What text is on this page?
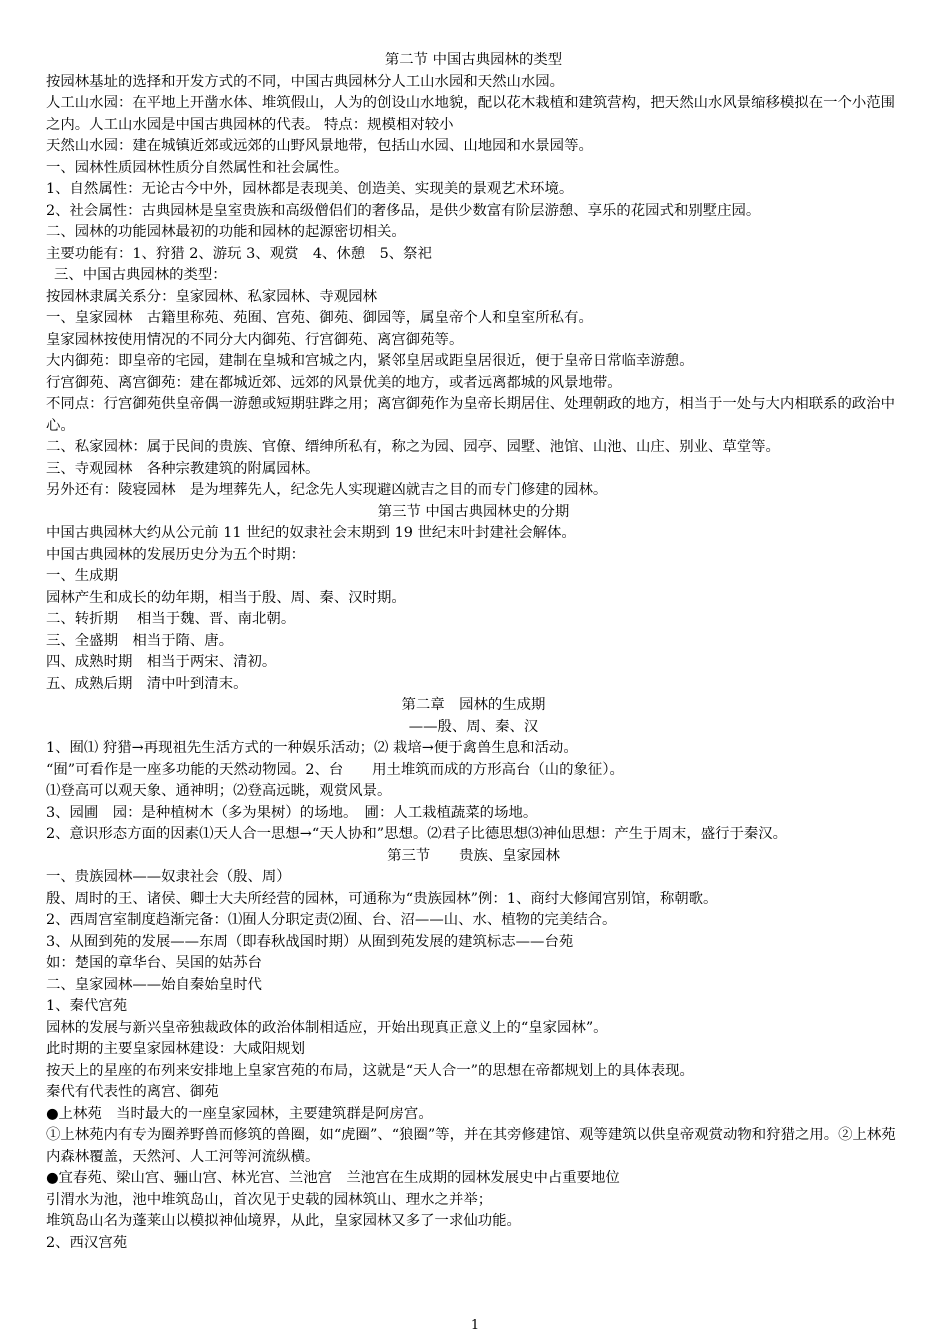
第二节 中国古典园林的类型
按园林基址的选择和开发方式的不同，中国古典园林分人工山水园和天然山水园。
人工山水园：在平地上开凿水体、堆筑假山，人为的创设山水地貌，配以花木栽植和建筑营构，把天然山水风景缩移模拟在一个小范围之内。人工山水园是中国古典园林的代表。 特点：规模相对较小
天然山水园：建在城镇近郊或远郊的山野风景地带，包括山水园、山地园和水景园等。
一、园林性质园林性质分自然属性和社会属性。
1、自然属性：无论古今中外，园林都是表现美、创造美、实现美的景观艺术环境。
2、社会属性：古典园林是皇室贵族和高级僧侣们的奢侈品，是供少数富有阶层游憩、享乐的花园式和别墅庄园。
二、园林的功能园林最初的功能和园林的起源密切相关。
主要功能有：1、狩猎 2、游玩 3、观赏　4、休憩　5、祭祀
三、中国古典园林的类型：
按园林隶属关系分：皇家园林、私家园林、寺观园林
一、皇家园林　古籍里称苑、苑囿、宫苑、御苑、御园等，属皇帝个人和皇室所私有。
皇家园林按使用情况的不同分大内御苑、行宫御苑、离宫御苑等。
大内御苑：即皇帝的宅园，建制在皇城和宫城之内，紧邻皇居或距皇居很近，便于皇帝日常临幸游憩。
行宫御苑、离宫御苑：建在都城近郊、远郊的风景优美的地方，或者远离都城的风景地带。
不同点：行宫御苑供皇帝偶一游憩或短期驻跸之用；离宫御苑作为皇帝长期居住、处理朝政的地方，相当于一处与大内相联系的政治中心。
二、私家园林：属于民间的贵族、官僚、缙绅所私有，称之为园、园亭、园墅、池馆、山池、山庄、别业、草堂等。
三、寺观园林　各种宗教建筑的附属园林。
另外还有：陵寝园林　是为埋葬先人，纪念先人实现避凶就吉之目的而专门修建的园林。
第三节 中国古典园林史的分期
中国古典园林大约从公元前 11 世纪的奴隶社会末期到 19 世纪末叶封建社会解体。
中国古典园林的发展历史分为五个时期：
一、生成期
园林产生和成长的幼年期，相当于殷、周、秦、汉时期。
二、转折期　 相当于魏、晋、南北朝。
三、全盛期　相当于隋、唐。
四、成熟时期　相当于两宋、清初。
五、成熟后期　清中叶到清末。
第二章　园林的生成期
——殷、周、秦、汉
1、囿⑴ 狩猎→再现祖先生活方式的一种娱乐活动；⑵ 栽培→便于禽兽生息和活动。
“囿”可看作是一座多功能的天然动物园。2、台　　用土堆筑而成的方形高台（山的象征）。
⑴登高可以观天象、通神明；⑵登高远眺，观赏风景。
3、园圃　园：是种植树木（多为果树）的场地。　圃：人工栽植蔬菜的场地。
2、意识形态方面的因素⑴天人合一思想→“天人协和”思想。⑵君子比德思想⑶神仙思想：产生于周末，盛行于秦汉。
第三节　　贵族、皇家园林
一、贵族园林——奴隶社会（殷、周）
殷、周时的王、诸侯、卿士大夫所经营的园林，可通称为“贵族园林”例：1、商纣大修闻宫别馆，称朝歌。
2、西周宫室制度趋渐完备：⑴囿人分职定责⑵囿、台、沼——山、水、植物的完美结合。
3、从囿到苑的发展——东周（即春秋战国时期）从囿到苑发展的建筑标志——台苑
如：楚国的章华台、吴国的姑苏台
二、皇家园林——始自秦始皇时代
1、秦代宫苑
园林的发展与新兴皇帝独裁政体的政治体制相适应，开始出现真正意义上的“皇家园林”。
此时期的主要皇家园林建设：大咸阳规划
按天上的星座的布列来安排地上皇家宫苑的布局，这就是“天人合一”的思想在帝都规划上的具体表现。
秦代有代表性的离宫、御苑
●上林苑　当时最大的一座皇家园林，主要建筑群是阿房宫。
①上林苑内有专为圈养野兽而修筑的兽圈，如“虎圈”、“狼圈”等，并在其旁修建馆、观等建筑以供皇帝观赏动物和狩猎之用。②上林苑内森林覆盖，天然河、人工河等河流纵横。
●宜春苑、梁山宫、骊山宫、林光宫、兰池宫　兰池宫在生成期的园林发展史中占重要地位
引渭水为池，池中堆筑岛山，首次见于史载的园林筑山、理水之并举；
堆筑岛山名为蓬莱山以模拟神仙境界，从此，皇家园林又多了一求仙功能。
2、西汉宫苑
1
